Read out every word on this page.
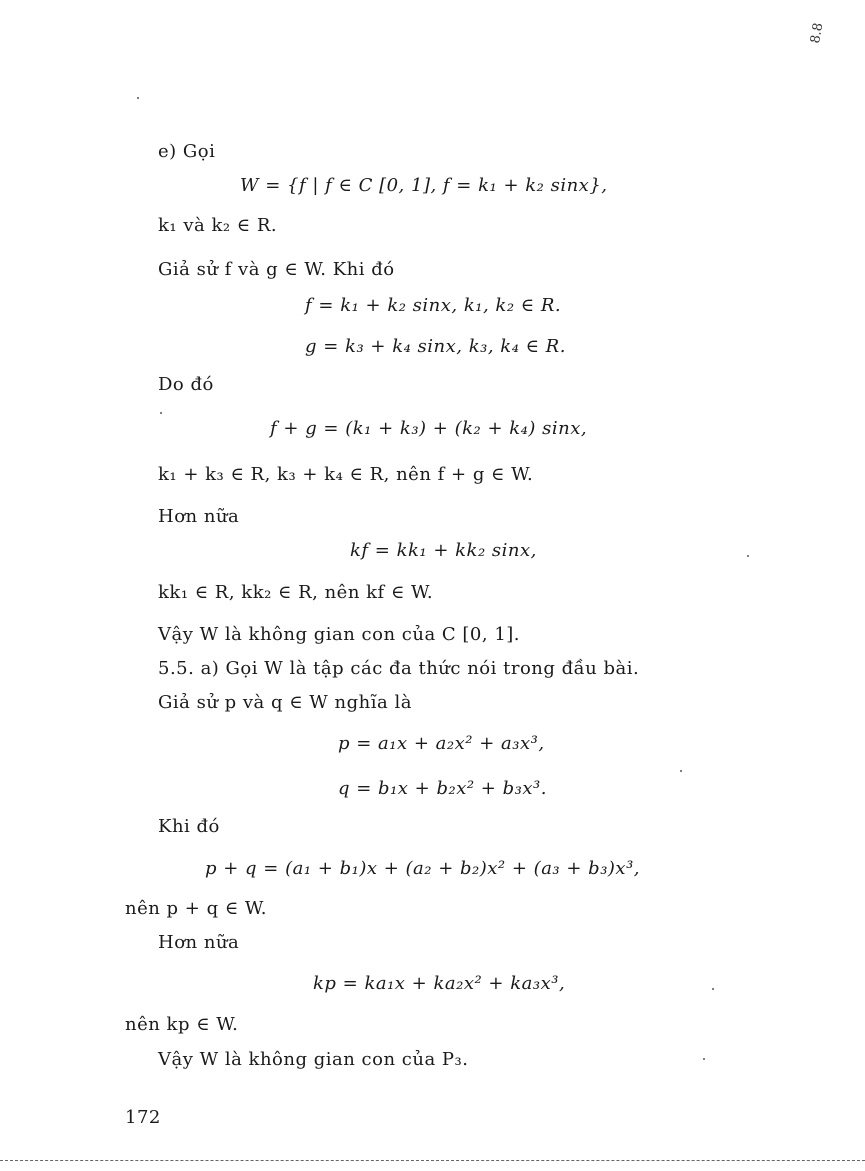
8.8
e) Gọi
W = {f | f ∈ C [0, 1], f = k₁ + k₂ sinx},
k₁ và k₂ ∈ R.
Giả sử f và g ∈ W. Khi đó
f = k₁ + k₂ sinx, k₁, k₂ ∈ R.
g = k₃ + k₄ sinx, k₃, k₄ ∈ R.
Do đó
f + g = (k₁ + k₃) + (k₂ + k₄) sinx,
k₁ + k₃ ∈ R, k₃ + k₄ ∈ R, nên f + g ∈ W.
Hơn nữa
kf = kk₁ + kk₂ sinx,
kk₁ ∈ R, kk₂ ∈ R, nên kf ∈ W.
Vậy W là không gian con của C [0, 1].
5.5. a) Gọi W là tập các đa thức nói trong đầu bài.
Giả sử p và q ∈ W nghĩa là
p = a₁x + a₂x² + a₃x³,
q = b₁x + b₂x² + b₃x³.
Khi đó
p + q = (a₁ + b₁)x + (a₂ + b₂)x² + (a₃ + b₃)x³,
nên p + q ∈ W.
Hơn nữa
kp = ka₁x + ka₂x² + ka₃x³,
nên kp ∈ W.
Vậy W là không gian con của P₃.
172
